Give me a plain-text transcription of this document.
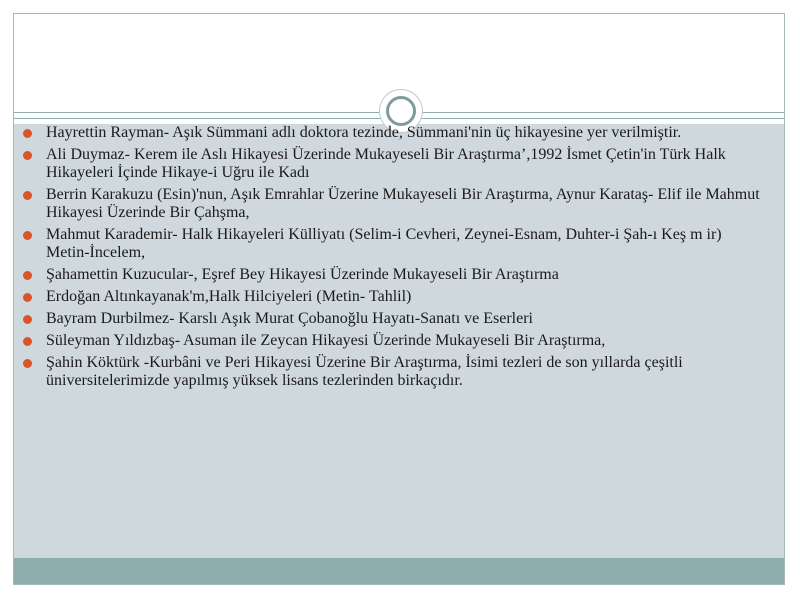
Hayrettin Rayman- Aşık Sümmani adlı doktora tezinde, Sümmani'nin üç hikayesine yer verilmiştir.
Ali Duymaz- Kerem ile Aslı Hikayesi Üzerinde Mukayeseli Bir Araştırma’,1992 İsmet Çetin'in Türk Halk Hikayeleri İçinde Hikaye-i Uğru ile Kadı
Berrin Karakuzu (Esin)'nun, Aşık Emrahlar Üzerine Mukayeseli Bir Araştırma, Aynur Karataş- Elif ile Mahmut Hikayesi Üzerinde Bir Çahşma,
Mahmut Karademir- Halk Hikayeleri Külliyatı (Selim-i Cevheri, Zeyneі-Esnam, Duhter-i Şah-ı Keş m ir) Metin-İncelem,
Şahamettin Kuzucular-, Eşref Bey Hikayesi Üzerinde Mukayeseli Bir Araştırma
Erdoğan Altınkayanak'm,Halk Hilciyeleri (Metin- Tahlil)
Bayram Durbilmez- Karslı Aşık Murat Çobanoğlu Hayatı-Sanatı ve Eserleri
Süleyman Yıldızbaş- Asuman ile Zeycan Hikayesi Üzerinde Mukayeseli Bir Araştırma,
Şahin Köktürk -Kurbâni ve Peri Hikayesi Üzerine Bir Araştırma, İsimi tezleri de son yıllarda çeşitli üniversitelerimizde yapılmış yüksek lisans tezlerinden birkaçıdır.
